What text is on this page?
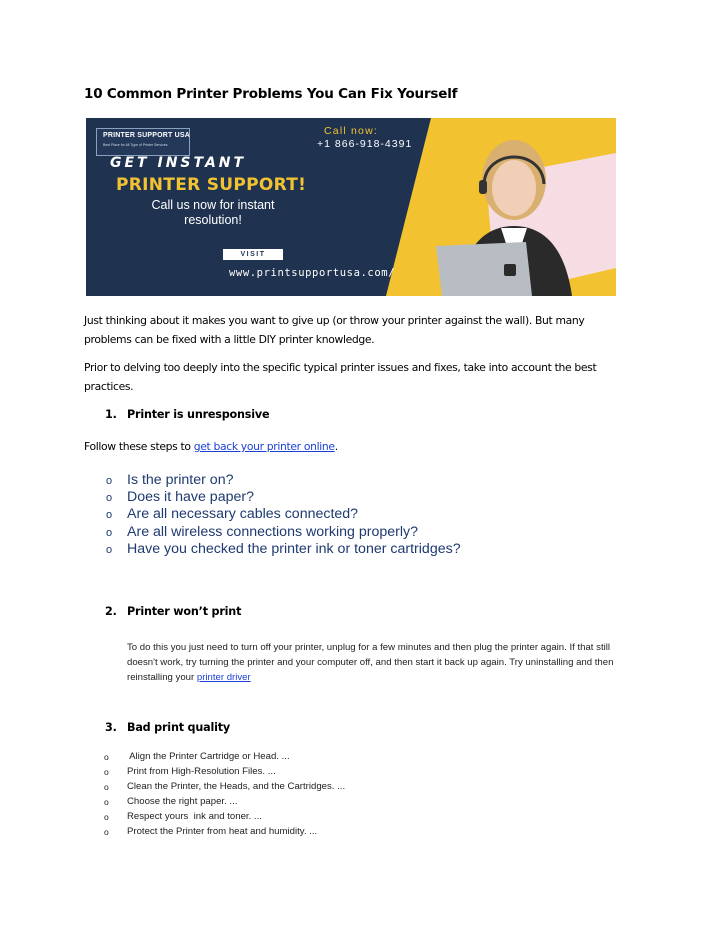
10 Common Printer Problems You Can Fix Yourself
PRINTER SUPPORT USA
Best Place for All Type of Printer Services
GET INSTANT
PRINTER SUPPORT!
Call us now for instant resolution!
VISIT
www.printsupportusa.com/
Call now:
+1 866-918-4391
Just thinking about it makes you want to give up (or throw your printer against the wall). But many problems can be fixed with a little DIY printer knowledge.
Prior to delving too deeply into the specific typical printer issues and fixes, take into account the best practices.
1. Printer is unresponsive
Follow these steps to get back your printer online.
o Is the printer on?
o Does it have paper?
o Are all necessary cables connected?
o Are all wireless connections working properly?
o Have you checked the printer ink or toner cartridges?
2. Printer won’t print
To do this you just need to turn off your printer, unplug for a few minutes and then plug the printer again. If that still doesn't work, try turning the printer and your computer off, and then start it back up again. Try uninstalling and then reinstalling your printer driver
3. Bad print quality
o Align the Printer Cartridge or Head. ...
o Print from High-Resolution Files. ...
o Clean the Printer, the Heads, and the Cartridges. ...
o Choose the right paper. ...
o Respect yours  ink and toner. ...
o Protect the Printer from heat and humidity. ...
